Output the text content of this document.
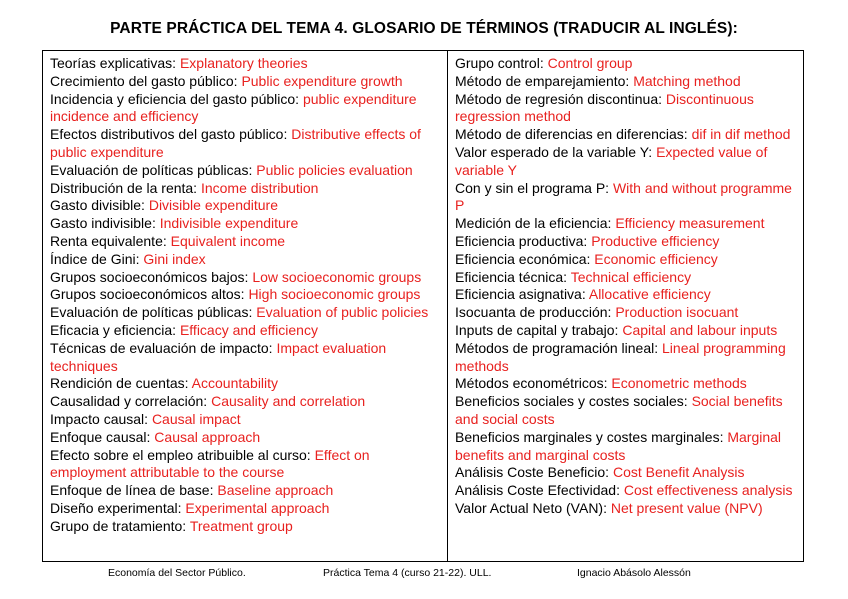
PARTE PRÁCTICA DEL TEMA 4. GLOSARIO DE TÉRMINOS (TRADUCIR AL INGLÉS):

Teorías explicativas: Explanatory theories

Crecimiento del gasto público: Public expenditure growth

Incidencia y eficiencia del gasto público: public expenditure incidence and efficiency

Efectos distributivos del gasto público: Distributive effects of public expenditure

Evaluación de políticas públicas: Public policies evaluation

Distribución de la renta: Income distribution

Gasto divisible: Divisible expenditure

Gasto indivisible: Indivisible expenditure

Renta equivalente: Equivalent income

Índice de Gini: Gini index

Grupos socioeconómicos bajos: Low socioeconomic groups

Grupos socioeconómicos altos: High socioeconomic groups

Evaluación de políticas públicas: Evaluation of public policies

Eficacia y eficiencia: Efficacy and efficiency

Técnicas de evaluación de impacto: Impact evaluation techniques

Rendición de cuentas: Accountability

Causalidad y correlación: Causality and correlation

Impacto causal: Causal impact

Enfoque causal: Causal approach

Efecto sobre el empleo atribuible al curso: Effect on employment attributable to the course

Enfoque de línea de base: Baseline approach

Diseño experimental: Experimental approach

Grupo de tratamiento: Treatment group

Grupo control: Control group

Método de emparejamiento: Matching method

Método de regresión discontinua: Discontinuous regression method

Método de diferencias en diferencias: dif in dif method

Valor esperado de la variable Y: Expected value of variable Y

Con y sin el programa P: With and without programme P

Medición de la eficiencia: Efficiency measurement

Eficiencia productiva: Productive efficiency

Eficiencia económica: Economic efficiency

Eficiencia técnica: Technical efficiency

Eficiencia asignativa: Allocative efficiency

Isocuanta de producción: Production isocuant

Inputs de capital y trabajo: Capital and labour inputs

Métodos de programación lineal: Lineal programming methods

Métodos econométricos: Econometric methods

Beneficios sociales y costes sociales: Social benefits and social costs

Beneficios marginales y costes marginales: Marginal benefits and marginal costs

Análisis Coste Beneficio: Cost Benefit Analysis

Análisis Coste Efectividad: Cost effectiveness analysis

Valor Actual Neto (VAN): Net present value (NPV)

Economía del Sector Público.	Práctica Tema 4 (curso 21-22). ULL.	Ignacio Abásolo Alessón
